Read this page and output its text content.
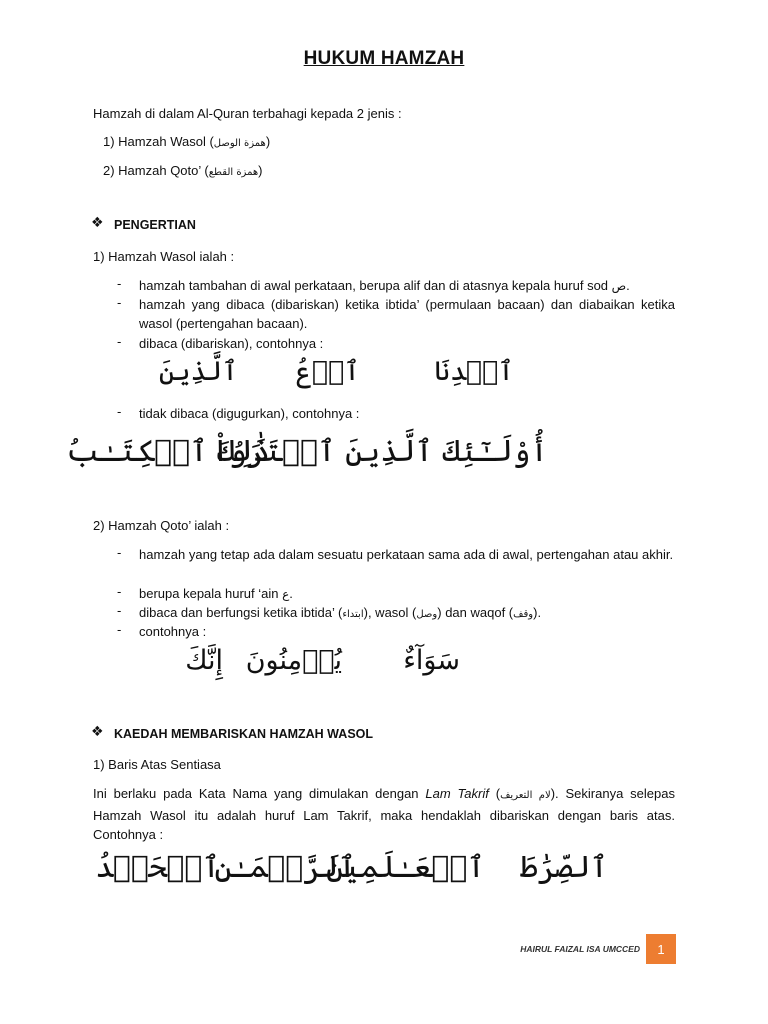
HUKUM HAMZAH
Hamzah di dalam Al-Quran terbahagi kepada 2 jenis :
1) Hamzah Wasol (همزة الوصل)
2) Hamzah Qoto’ (همزة القطع)
❖
PENGERTIAN
1) Hamzah Wasol ialah :
- hamzah tambahan di awal perkataan, berupa alif dan di atasnya kepala huruf sod ص.
- hamzah yang dibaca (dibariskan) ketika ibtida’ (permulaan bacaan) dan diabaikan ketika wasol (pertengahan bacaan).
- dibaca (dibariskan), contohnya :
ٱهۡدِنَا
ٱدۡعُ
ٱلَّذِينَ
- tidak dibaca (digugurkan), contohnya :
أُوْلَـٰٓئِكَ ٱلَّذِينَ ٱشۡتَرَوُاْ
ذَٰلِكَ ٱلۡكِتَـٰبُ
2) Hamzah Qoto’ ialah :
- hamzah yang tetap ada dalam sesuatu perkataan sama ada di awal, pertengahan atau akhir.
- berupa kepala huruf ‘ain ع.
- dibaca dan berfungsi ketika ibtida’ (ابتداء), wasol (وصل) dan waqof (وقف).
- contohnya :
سَوَآءٌ
يُؤۡمِنُونَ
إِنَّكَ
❖
KAEDAH MEMBARISKAN HAMZAH WASOL
1) Baris Atas Sentiasa
Ini berlaku pada Kata Nama yang dimulakan dengan Lam Takrif (لام التعريف). Sekiranya selepas Hamzah Wasol itu adalah huruf Lam Takrif, maka hendaklah dibariskan dengan baris atas. Contohnya :
ٱلصِّرَٰطَ
ٱلۡعَـٰلَمِينَ
ٱلرَّحۡمَـٰنِ
ٱلۡحَمۡدُ
HAIRUL FAIZAL ISA UMCCED	1
